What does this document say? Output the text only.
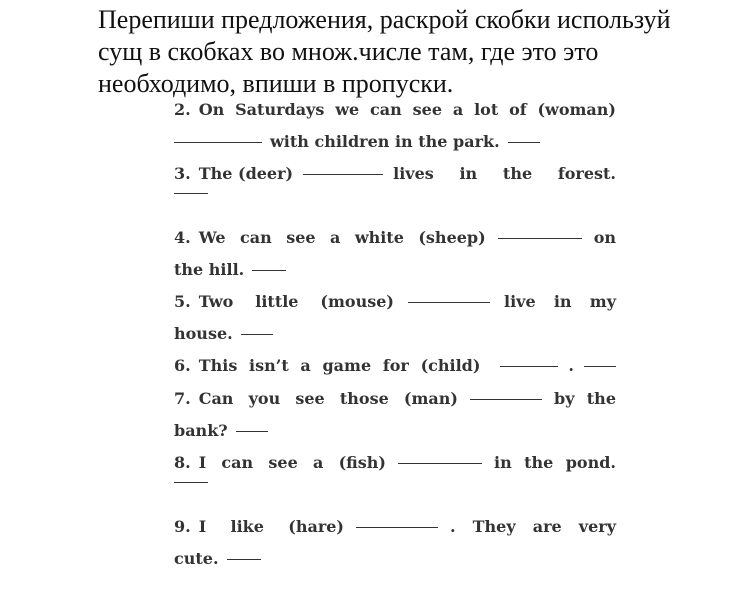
Перепиши предложения, раскрой скобки используй
сущ в скобках во множ.числе там, где это это
необходимо, впиши в пропуски.
2. On Saturdays we can see a lot of (woman)
with children in the park.
3. The (deer)	lives in the forest.
4. We can see a white (sheep)	on
the hill.
5. Two little (mouse)	live in my
house.
6. This isn’t a game for (child)	.
7. Can you see those (man)	by the
bank?
8. I can see a (fish)	in the pond.
9. I like (hare)	. They are very
cute.
